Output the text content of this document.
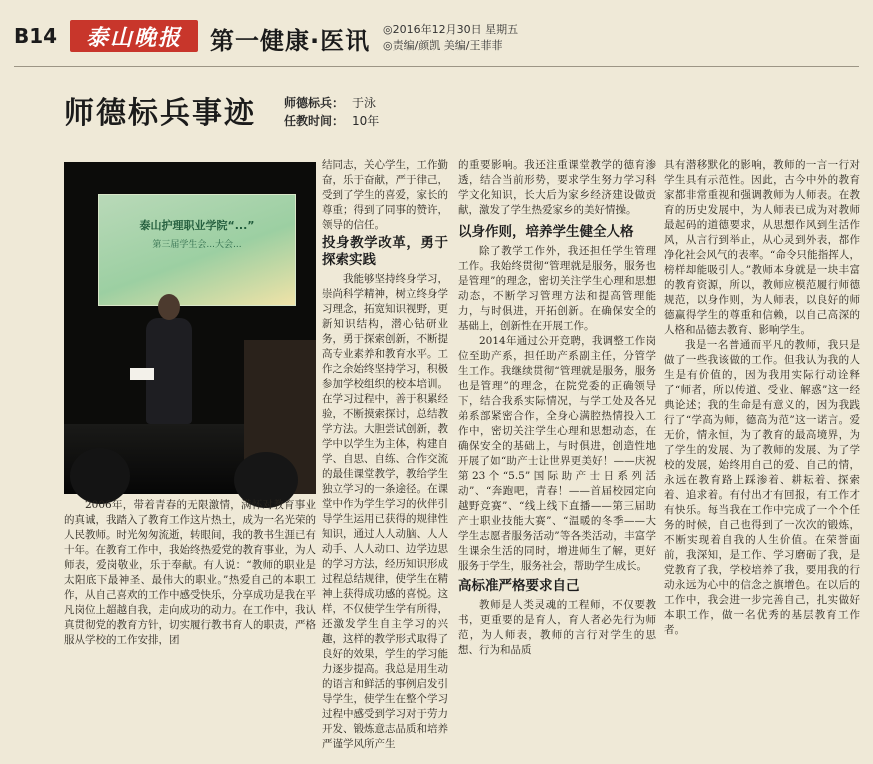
B14	泰山晚报	第一健康·医讯 ◎2016年12月30日 星期五
◎责编/颜凯 美编/王菲菲
师德标兵事迹 师德标兵： 于泳
任教时间： 10年
泰山护理职业学院“...”
第三届学生会...大会...

2006年，带着青春的无限激情，满怀对教育事业的真诚，我踏入了教育工作这片热土，成为一名光荣的人民教师。时光匆匆流逝，转眼间，我的教书生涯已有十年。在教育工作中，我始终热爱党的教育事业，为人师表，爱岗敬业，乐于奉献。有人说：“教师的职业是太阳底下最神圣、最伟大的职业。”热爱自己的本职工作，从自己喜欢的工作中感受快乐，分享成功是我在平凡岗位上超越自我，走向成功的动力。在工作中，我认真贯彻党的教育方针，切实履行教书育人的职责，严格服从学校的工作安排，团

结同志，关心学生，工作勤奋，乐于奋献，严于律己，受到了学生的喜爱，家长的尊重；得到了同事的赞许，领导的信任。

投身教学改革，勇于探索实践

我能够坚持终身学习，崇尚科学精神，树立终身学习理念，拓宽知识视野，更新知识结构，潜心钻研业务，勇于探索创新，不断提高专业素养和教育水平。工作之余始终坚持学习，积极参加学校组织的校本培训。在学习过程中，善于积累经验，不断摸索探讨，总结教学方法。大胆尝试创新，教学中以学生为主体，构建自学、自思、自练、合作交流的最佳课堂教学，教给学生独立学习的一条途径。在课堂中作为学生学习的伙伴引导学生运用已获得的规律性知识，通过人人动脑、人人动手、人人动口、边学边思的学习方法，经历知识形成过程总结规律，使学生在精神上获得成功感的喜悦。这样，不仅使学生学有所得，还激发学生自主学习的兴趣，这样的教学形式取得了良好的效果，学生的学习能力逐步提高。我总是用生动的语言和鲜活的事例启发引导学生，使学生在整个学习过程中感受到学习对于劳力开发、锻炼意志品质和培养严谨学风所产生

的重要影响。我还注重课堂教学的德育渗透，结合当前形势，要求学生努力学习科学文化知识，长大后为家乡经济建设做贡献，激发了学生热爱家乡的美好情操。

以身作则，培养学生健全人格

除了教学工作外，我还担任学生管理工作。我始终贯彻“管理就是服务，服务也是管理”的理念，密切关注学生心理和思想动态，不断学习管理方法和提高管理能力，与时俱进，开拓创新。在确保安全的基础上，创新性在开展工作。

2014年通过公开竞聘，我调整工作岗位至助产系，担任助产系副主任，分管学生工作。我继续贯彻“管理就是服务，服务也是管理”的理念，在院党委的正确领导下，结合我系实际情况，与学工处及各兄弟系部紧密合作，全身心满腔热情投入工作中，密切关注学生心理和思想动态，在确保安全的基础上，与时俱进，创造性地开展了如“助产士让世界更美好！——庆祝第23个“5.5”国际助产士日系列活动”、“奔跑吧，青春！——首届校园定向越野竞赛”、“线上线下直播——第三届助产士职业技能大赛”、“温暖的冬季——大学生志愿者服务活动”等各类活动，丰富学生课余生活的同时，增进师生了解，更好服务于学生，服务社会，帮助学生成长。

高标准严格要求自己

教师是人类灵魂的工程师，不仅要教书，更重要的是育人，育人者必先行为师范，为人师表，教师的言行对学生的思想、行为和品质

具有潜移默化的影响，教师的一言一行对学生具有示范性。因此，古今中外的教育家都非常重视和强调教师为人师表。在教育的历史发展中，为人师表已成为对教师最起码的道德要求，从思想作风到生活作风，从言行到举止，从心灵到外表，都作净化社会风气的表率。“命令只能指挥人，榜样却能吸引人。”教师本身就是一块丰富的教育资源，所以，教师应模范履行师德规范，以身作则，为人师表，以良好的师德赢得学生的尊重和信赖，以自己高深的人格和品德去教育、影响学生。

我是一名普通而平凡的教师，我只是做了一些我该做的工作。但我认为我的人生是有价值的，因为我用实际行动诠释了“师者，所以传道、受业、解惑”这一经典论述；我的生命是有意义的，因为我践行了“学高为师，德高为范”这一诺言。爱无价，情永恒，为了教育的最高境界，为了学生的发展、为了教师的发展、为了学校的发展，始终用自己的爱、自己的情，永远在教育路上踩渗着、耕耘着、探索着、追求着。有付出才有回报，有工作才有快乐。每当我在工作中完成了一个个任务的时候，自己也得到了一次次的锻炼，不断实现着自我的人生价值。在荣誉面前，我深知，是工作、学习磨砺了我，是党教育了我，学校培养了我，要用我的行动永远为心中的信念之旗增色。在以后的工作中，我会进一步完善自己，扎实做好本职工作，做一名优秀的基层教育工作者。
